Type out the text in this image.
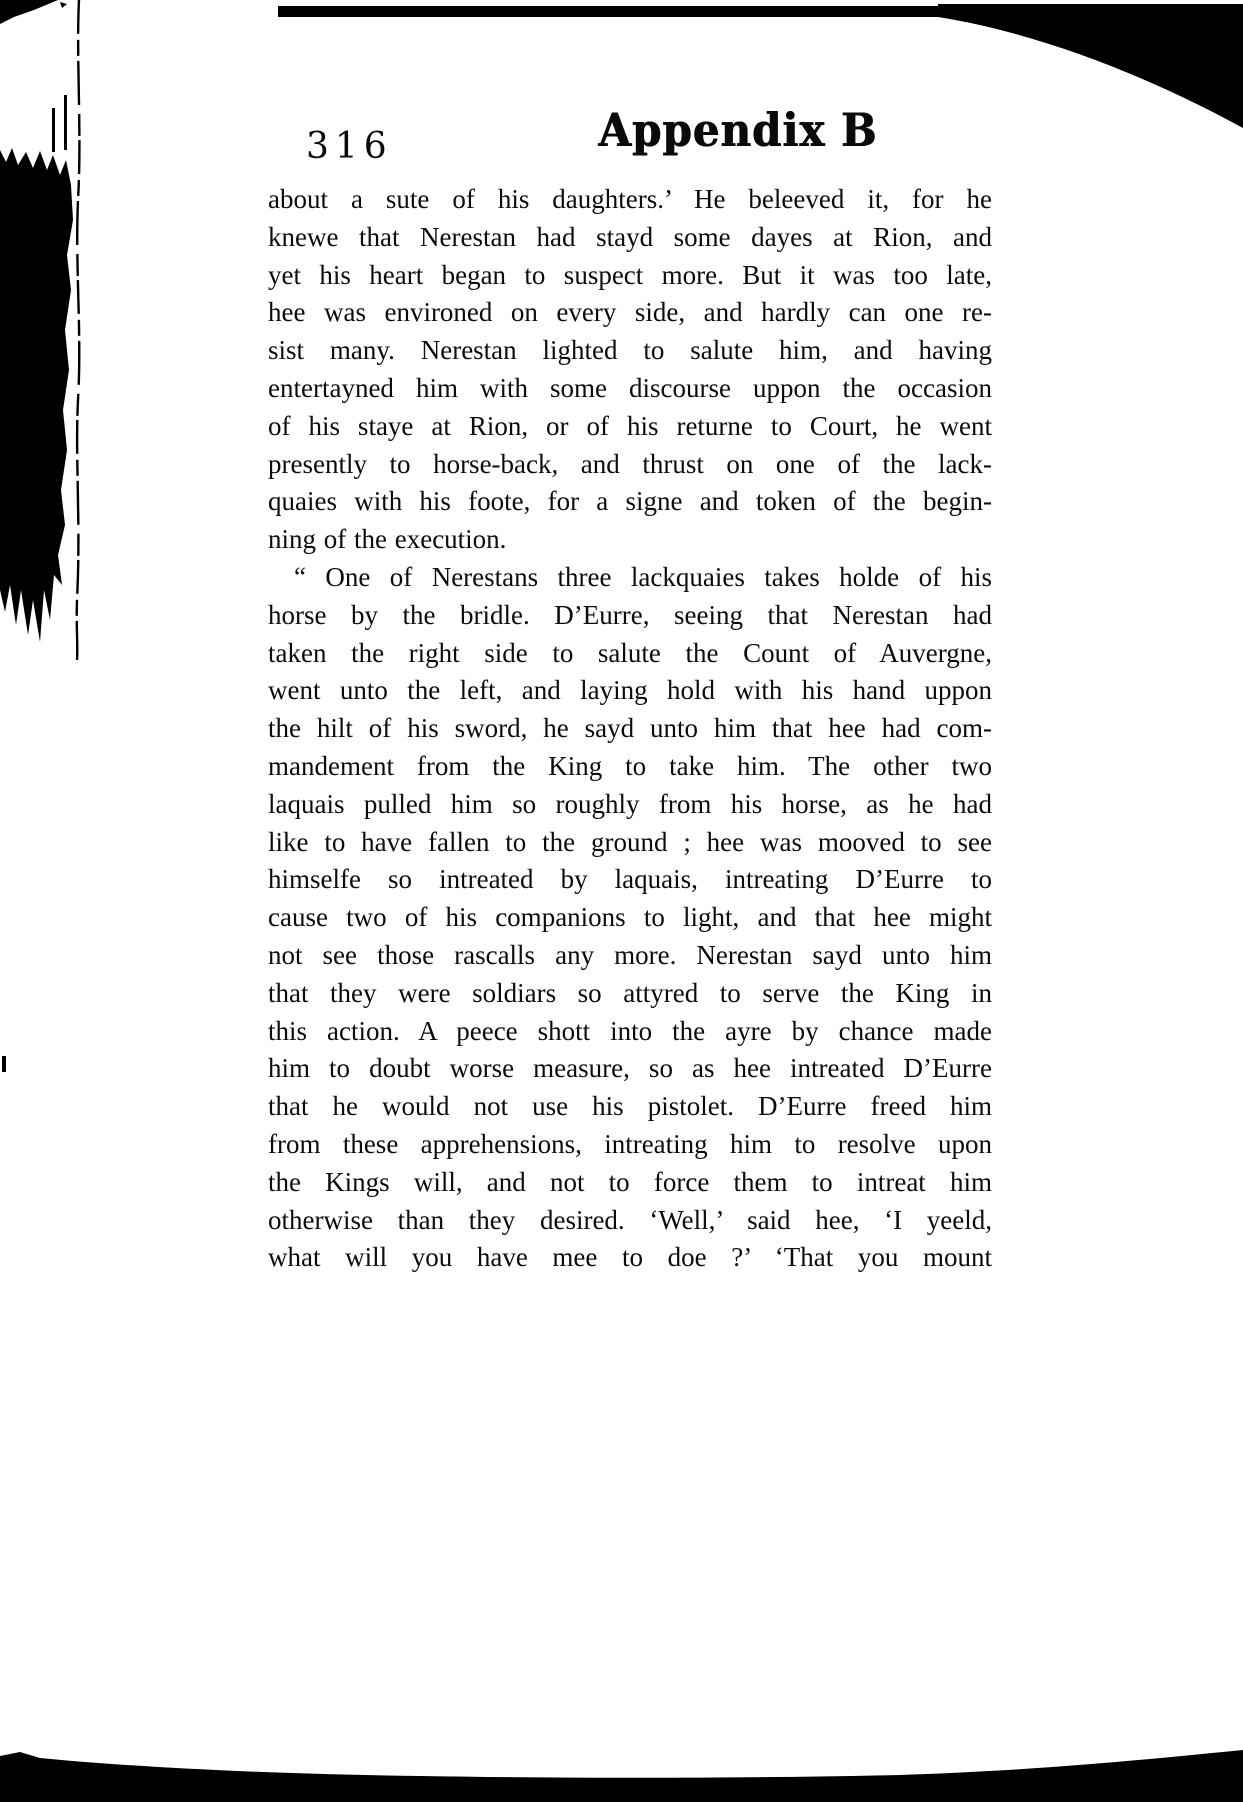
316	Appendix B
about a sute of his daughters.’ He beleeved it, for he
knewe that Nerestan had stayd some dayes at Rion, and
yet his heart began to suspect more. But it was too late,
hee was environed on every side, and hardly can one re-
sist many. Nerestan lighted to salute him, and having
entertayned him with some discourse uppon the occasion
of his staye at Rion, or of his returne to Court, he went
presently to horse-back, and thrust on one of the lack-
quaies with his foote, for a signe and token of the begin-
ning of the execution.
“ One of Nerestans three lackquaies takes holde of his
horse by the bridle. D’Eurre, seeing that Nerestan had
taken the right side to salute the Count of Auvergne,
went unto the left, and laying hold with his hand uppon
the hilt of his sword, he sayd unto him that hee had com-
mandement from the King to take him. The other two
laquais pulled him so roughly from his horse, as he had
like to have fallen to the ground ; hee was mooved to see
himselfe so intreated by laquais, intreating D’Eurre to
cause two of his companions to light, and that hee might
not see those rascalls any more. Nerestan sayd unto him
that they were soldiars so attyred to serve the King in
this action. A peece shott into the ayre by chance made
him to doubt worse measure, so as hee intreated D’Eurre
that he would not use his pistolet. D’Eurre freed him
from these apprehensions, intreating him to resolve upon
the Kings will, and not to force them to intreat him
otherwise than they desired. ‘Well,’ said hee, ‘I yeeld,
what will you have mee to doe ?’ ‘That you mount
